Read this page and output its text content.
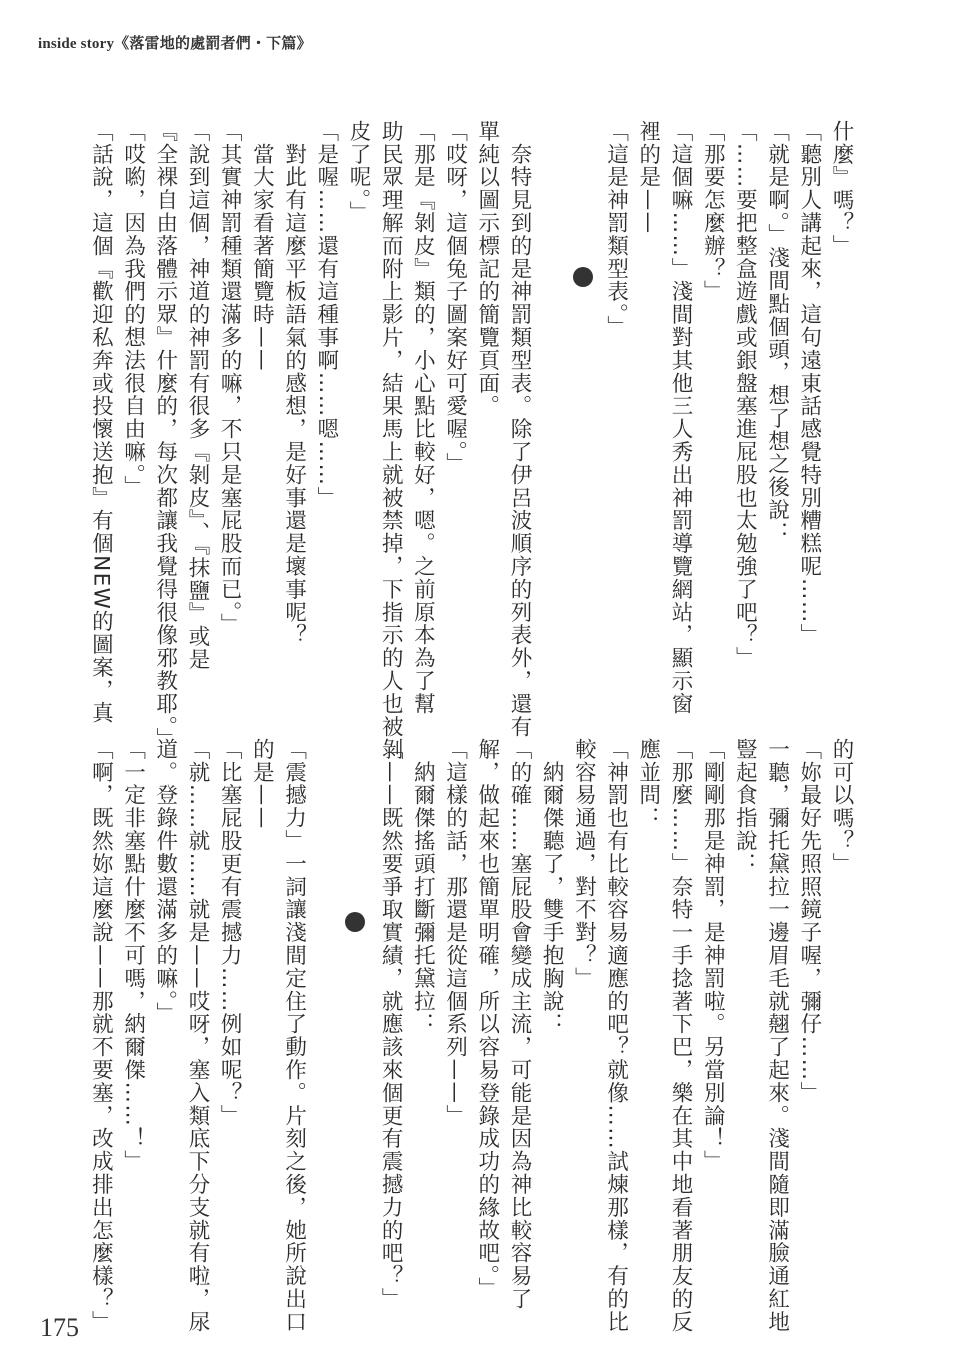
inside story《落雷地的處罰者們・下篇》
什麼』嗎？」
「聽別人講起來，這句遠東話感覺特別糟糕呢……」
「就是啊。」淺間點個頭，想了想之後說：
「……要把整盒遊戲或銀盤塞進屁股也太勉強了吧？」
「那要怎麼辦？」
「這個嘛……」淺間對其他三人秀出神罰導覽網站，顯示窗
裡的是——
「這是神罰類型表。」
　奈特見到的是神罰類型表。除了伊呂波順序的列表外，還有
單純以圖示標記的簡覽頁面。
「哎呀，這個兔子圖案好可愛喔。」
「那是『剝皮』類的，小心點比較好，嗯。之前原本為了幫
助民眾理解而附上影片，結果馬上就被禁掉，下指示的人也被剝
皮了呢。」
「是喔……還有這種事啊……嗯……」
　對此有這麼平板語氣的感想，是好事還是壞事呢？
　當大家看著簡覽時——
「其實神罰種類還滿多的嘛，不只是塞屁股而已。」
「說到這個，神道的神罰有很多『剝皮』、『抹鹽』或是
『全裸自由落體示眾』什麼的，每次都讓我覺得很像邪教耶。」
「哎喲，因為我們的想法很自由嘛。」
「話說，這個『歡迎私奔或投懷送抱』有個NEW的圖案，真
的可以嗎？」
「妳最好先照照鏡子喔，彌仔……」
一聽，彌托黛拉一邊眉毛就翹了起來。淺間隨即滿臉通紅地
豎起食指說：
「剛剛那是神罰，是神罰啦。另當別論！」
「那麼……」奈特一手捻著下巴，樂在其中地看著朋友的反
應並問：
「神罰也有比較容易適應的吧？就像……試煉那樣，有的比
較容易通過，對不對？」
　納爾傑聽了，雙手抱胸說：
「的確……塞屁股會變成主流，可能是因為神比較容易了
解，做起來也簡單明確，所以容易登錄成功的緣故吧。」
「這樣的話，那還是從這個系列——」
　納爾傑搖頭打斷彌托黛拉：
「——既然要爭取實績，就應該來個更有震撼力的吧？」
「震撼力」一詞讓淺間定住了動作。片刻之後，她所說出口
的是——
「比塞屁股更有震撼力……例如呢？」
「就……就……就是——哎呀，塞入類底下分支就有啦，尿
道。登錄件數還滿多的嘛。」
「一定非塞點什麼不可嗎，納爾傑……！」
「啊，既然妳這麼說——那就不要塞，改成排出怎麼樣？」
175
